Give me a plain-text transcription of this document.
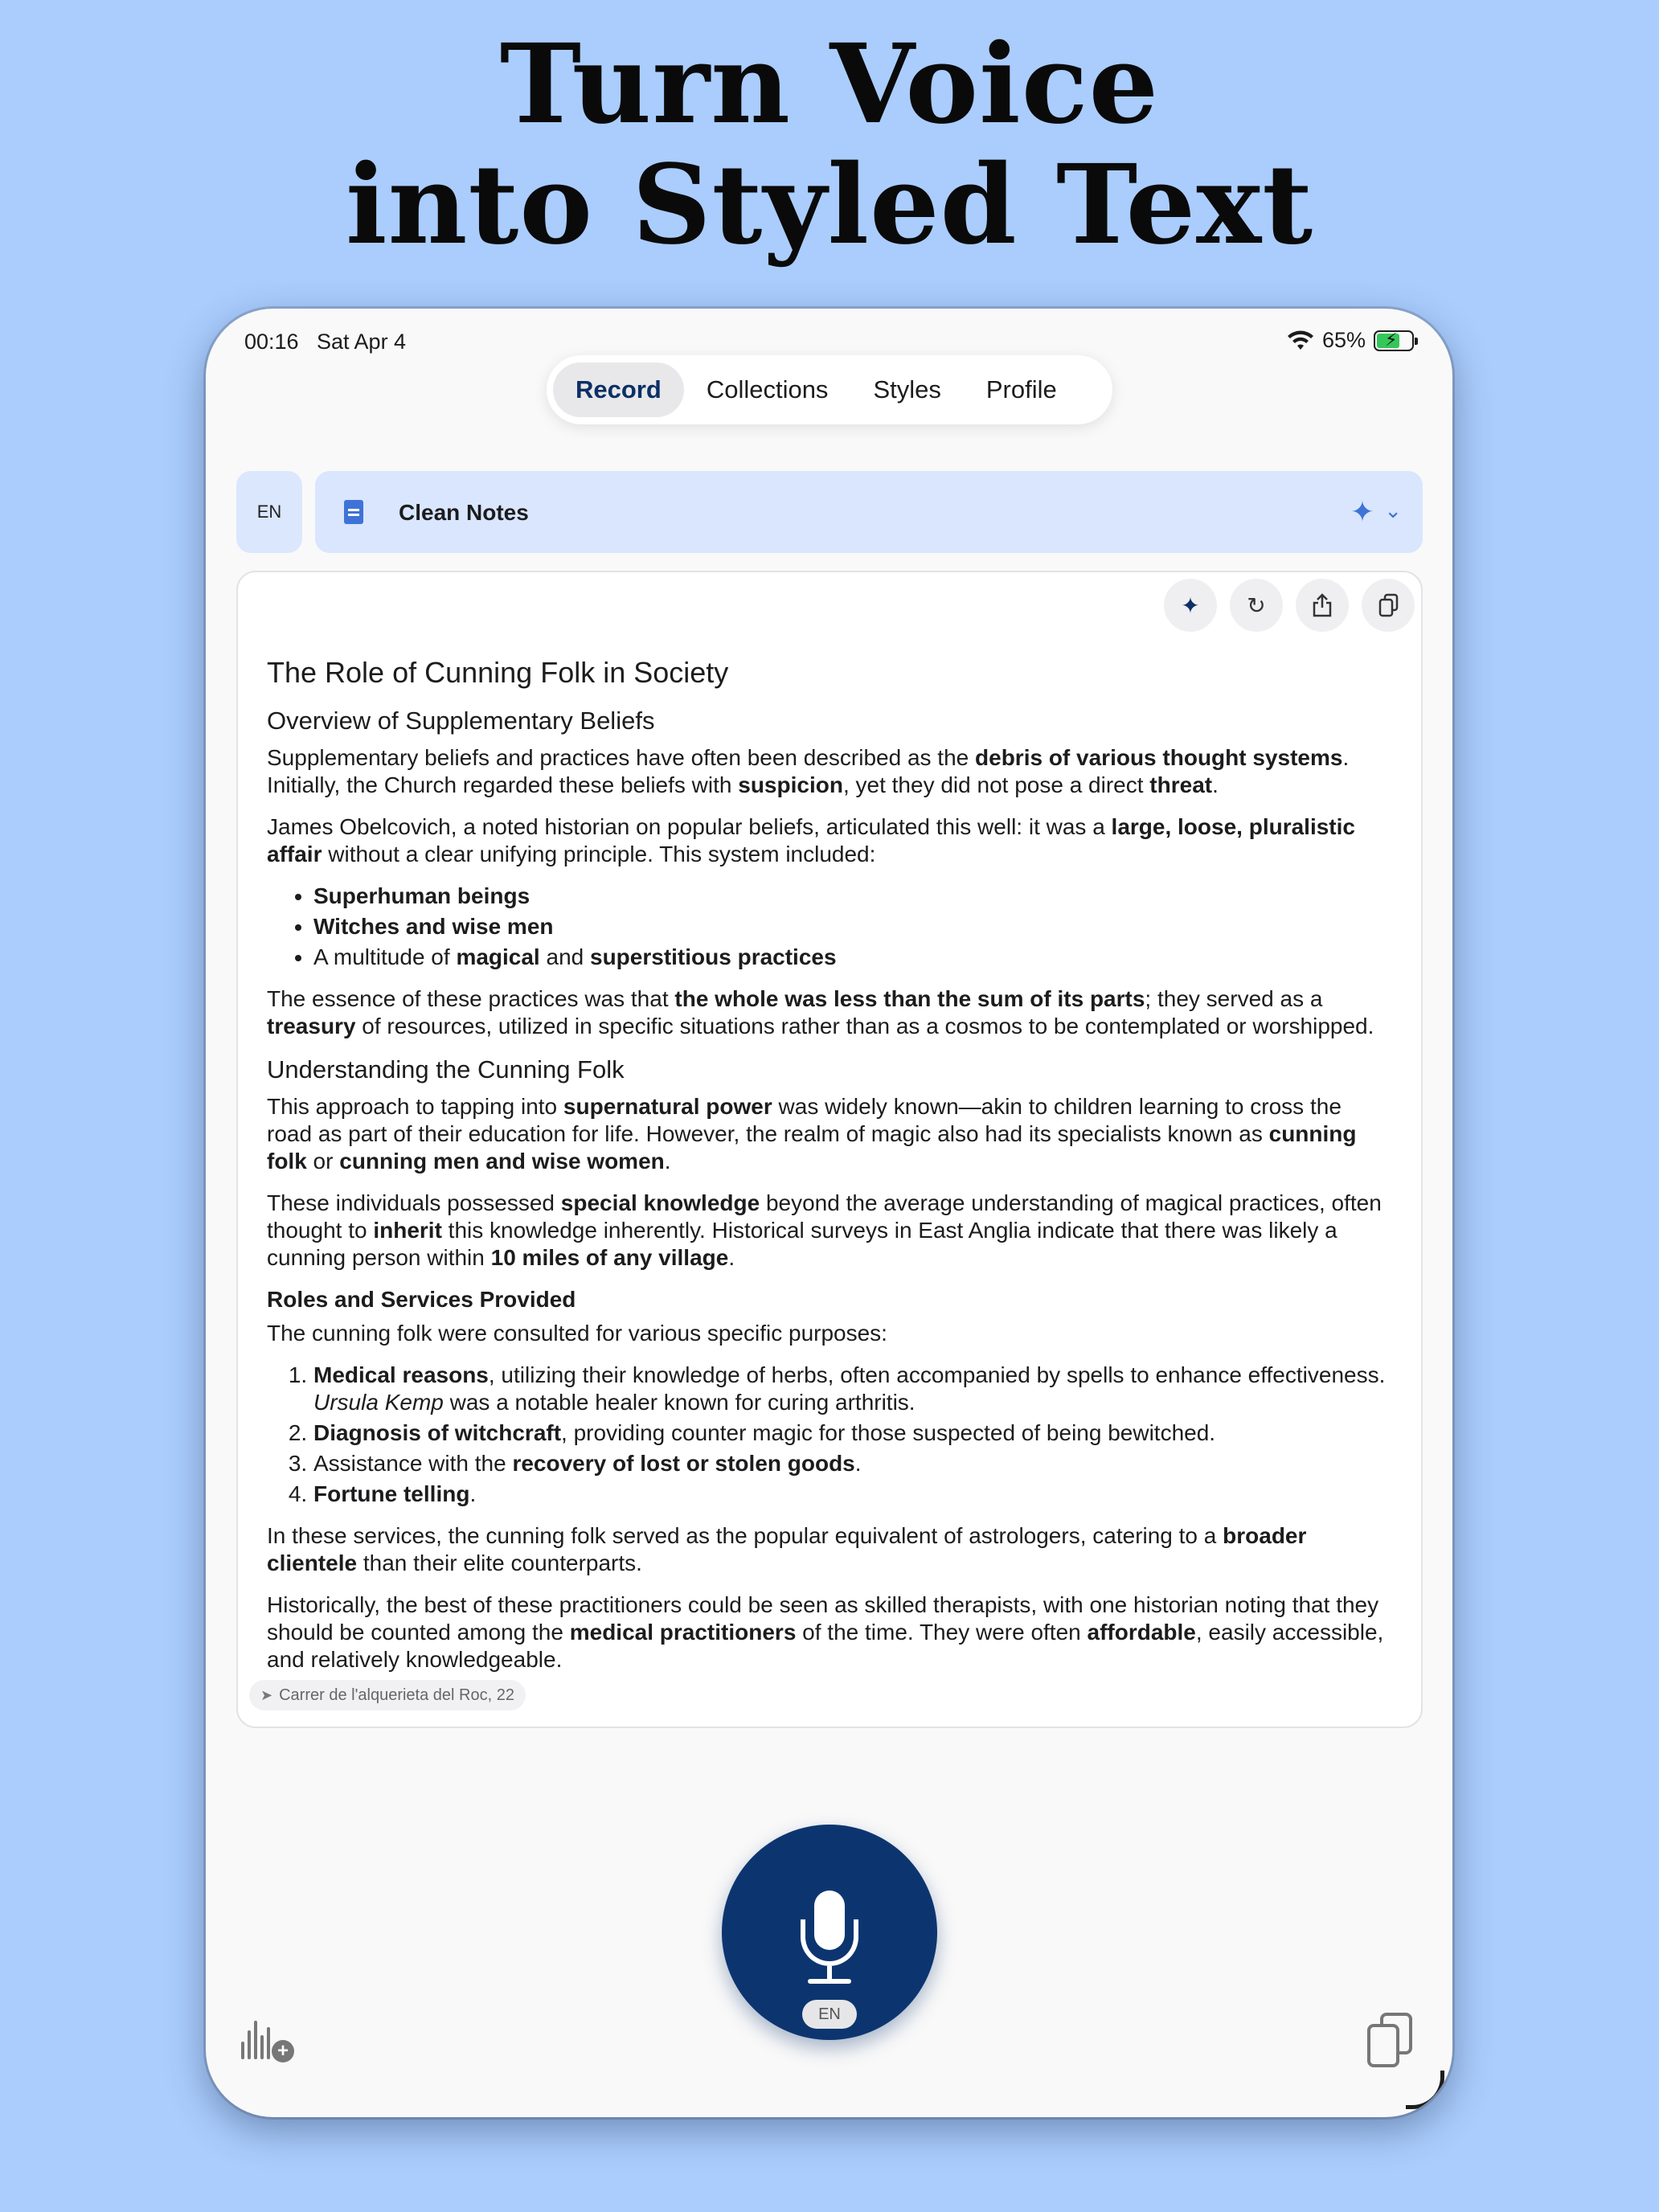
Turn Voice
into Styled Text
00:16 Sat Apr 4	65% ⚡
Record	Collections	Styles	Profile
EN	Clean Notes	✦ ⌄
✦ ↻
The Role of Cunning Folk in Society
Overview of Supplementary Beliefs

Supplementary beliefs and practices have often been described as the debris of various thought systems. Initially, the Church regarded these beliefs with suspicion, yet they did not pose a direct threat.

James Obelcovich, a noted historian on popular beliefs, articulated this well: it was a large, loose, pluralistic affair without a clear unifying principle. This system included:

• Superhuman beings
• Witches and wise men
• A multitude of magical and superstitious practices

The essence of these practices was that the whole was less than the sum of its parts; they served as a treasury of resources, utilized in specific situations rather than as a cosmos to be contemplated or worshipped.

Understanding the Cunning Folk

This approach to tapping into supernatural power was widely known—akin to children learning to cross the road as part of their education for life. However, the realm of magic also had its specialists known as cunning folk or cunning men and wise women.

These individuals possessed special knowledge beyond the average understanding of magical practices, often thought to inherit this knowledge inherently. Historical surveys in East Anglia indicate that there was likely a cunning person within 10 miles of any village.

Roles and Services Provided

The cunning folk were consulted for various specific purposes:

1. Medical reasons, utilizing their knowledge of herbs, often accompanied by spells to enhance effectiveness.
Ursula Kemp was a notable healer known for curing arthritis.
2. Diagnosis of witchcraft, providing counter magic for those suspected of being bewitched.
3. Assistance with the recovery of lost or stolen goods.
4. Fortune telling.

In these services, the cunning folk served as the popular equivalent of astrologers, catering to a broader clientele than their elite counterparts.

Historically, the best of these practitioners could be seen as skilled therapists, with one historian noting that they should be counted among the medical practitioners of the time. They were often affordable, easily accessible, and relatively knowledgeable.

➤ Carrer de l'alquerieta del Roc, 22
EN
+
